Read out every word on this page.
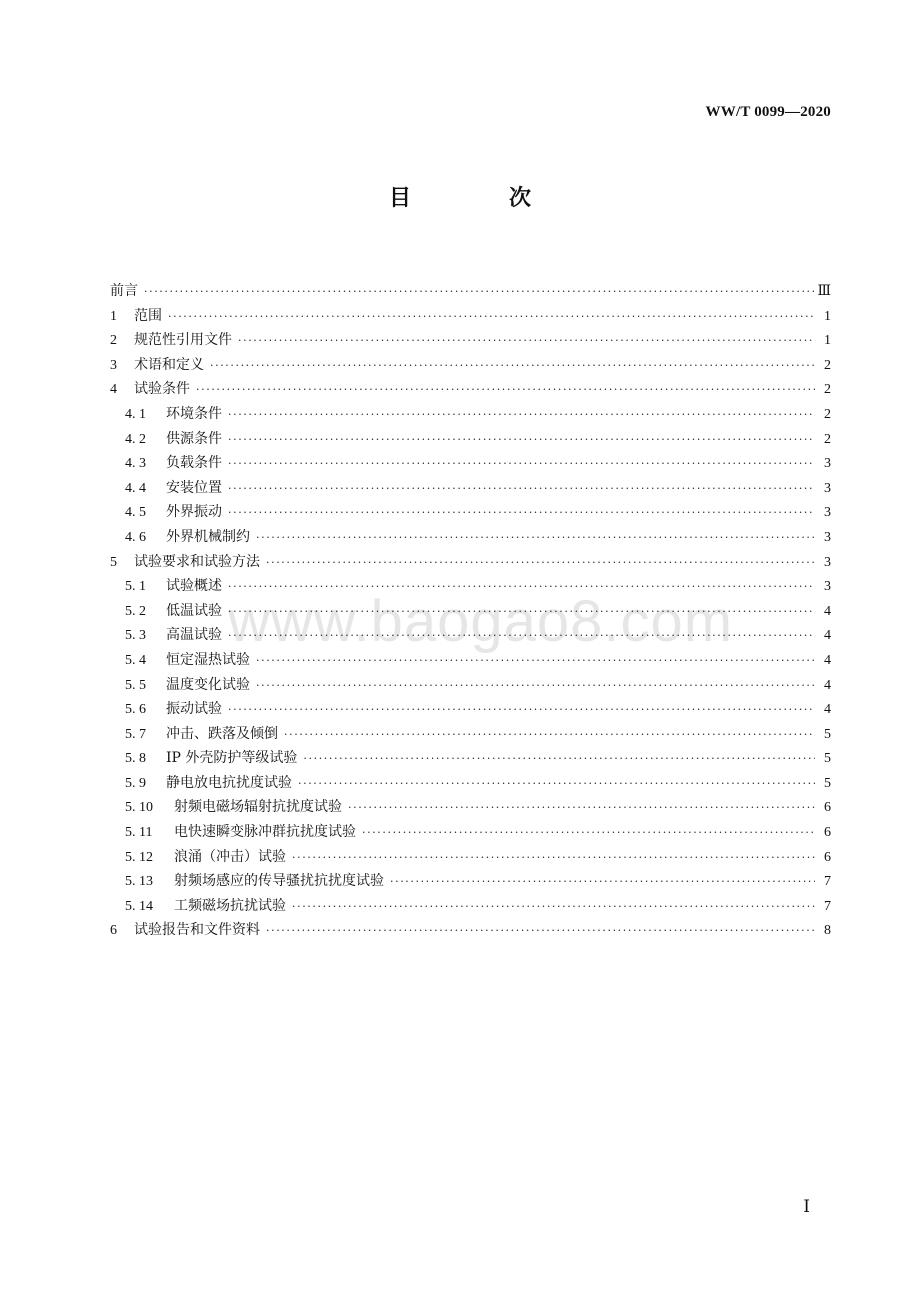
WW/T 0099—2020
目　次
www.baogao8.com
前言 ·····	Ⅲ
1	范围 ·····	1
2	规范性引用文件 ·····	1
3	术语和定义 ·····	2
4	试验条件 ·····	2
4. 1	环境条件 ·····	2
4. 2	供源条件 ·····	2
4. 3	负载条件 ·····	3
4. 4	安装位置 ·····	3
4. 5	外界振动 ·····	3
4. 6	外界机械制约 ·····	3
5	试验要求和试验方法 ·····	3
5. 1	试验概述 ·····	3
5. 2	低温试验 ·····	4
5. 3	高温试验 ·····	4
5. 4	恒定湿热试验 ·····	4
5. 5	温度变化试验 ·····	4
5. 6	振动试验 ·····	4
5. 7	冲击、跌落及倾倒 ·····	5
5. 8	IP 外壳防护等级试验 ·····	5
5. 9	静电放电抗扰度试验 ·····	5
5. 10	射频电磁场辐射抗扰度试验 ·····	6
5. 11	电快速瞬变脉冲群抗扰度试验 ·····	6
5. 12	浪涌（冲击）试验 ·····	6
5. 13	射频场感应的传导骚扰抗扰度试验 ·····	7
5. 14	工频磁场抗扰试验 ·····	7
6	试验报告和文件资料 ·····	8
Ⅰ
